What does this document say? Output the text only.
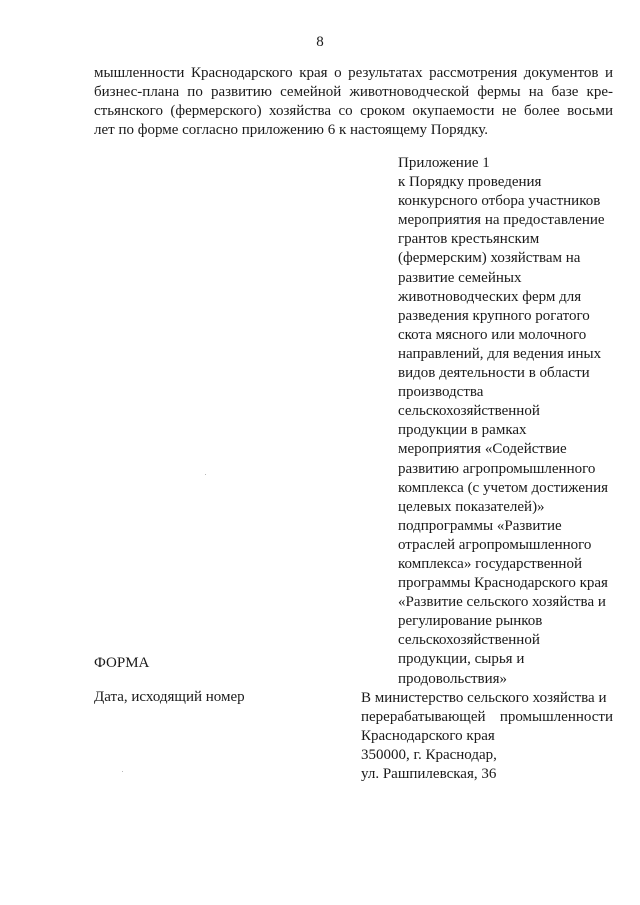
8
мышленности Краснодарского края о результатах рассмотрения документов и
бизнес-плана по развитию семейной животноводческой фермы на базе кре-
стьянского (фермерского) хозяйства со сроком окупаемости не более восьми
лет по форме согласно приложению 6 к настоящему Порядку.
Приложение 1
к Порядку проведения
конкурсного отбора участников
мероприятия на предоставление
грантов крестьянским
(фермерским) хозяйствам на
развитие семейных
животноводческих ферм для
разведения крупного рогатого
скота мясного или молочного
направлений, для ведения иных
видов деятельности в области
производства
сельскохозяйственной
продукции в рамках
мероприятия «Содействие
развитию агропромышленного
комплекса (с учетом достижения
целевых показателей)»
подпрограммы «Развитие
отраслей агропромышленного
комплекса» государственной
программы Краснодарского края
«Развитие сельского хозяйства и
регулирование рынков
сельскохозяйственной
продукции, сырья и
продовольствия»
ФОРМА
Дата, исходящий номер	В министерство сельского хозяйства и
перерабатывающей промышленности
Краснодарского края
350000, г. Краснодар,
ул. Рашпилевская, 36
